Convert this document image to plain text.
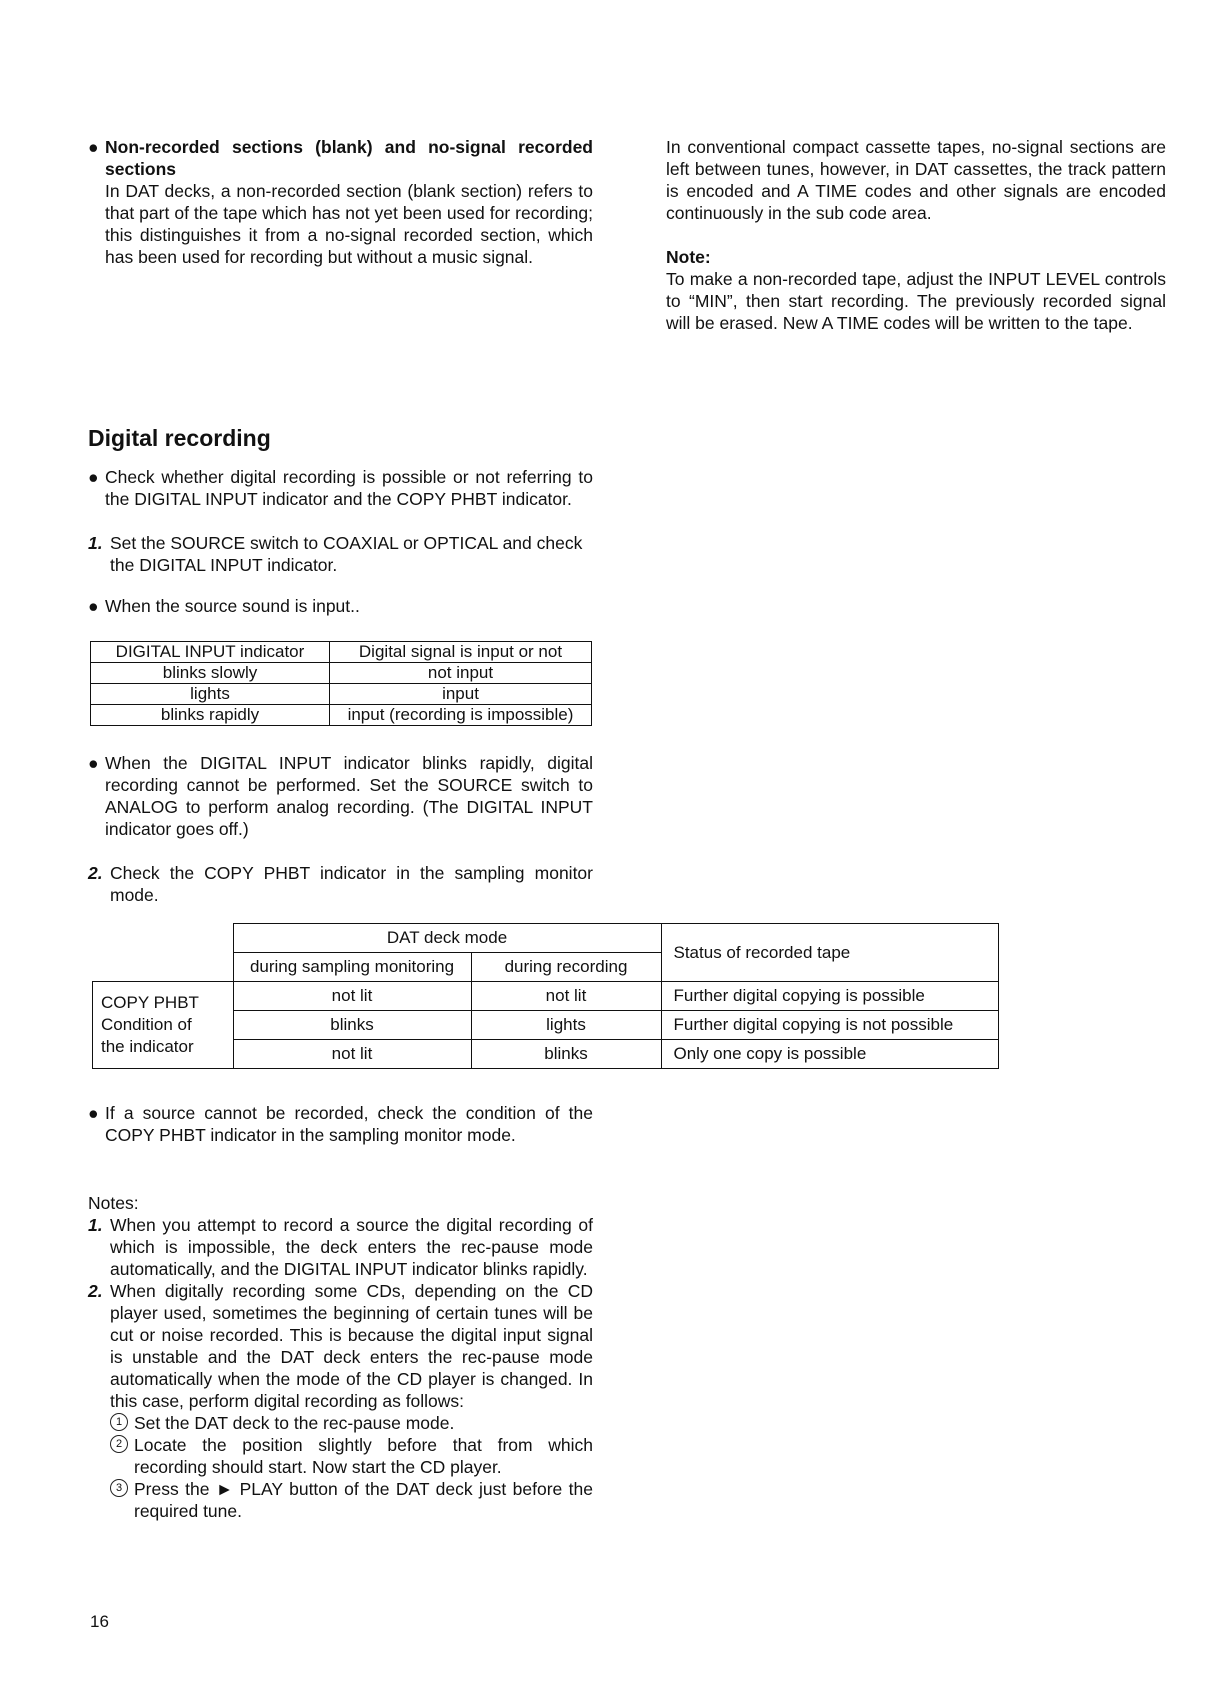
● Non-recorded sections (blank) and no-signal recorded sections

In DAT decks, a non-recorded section (blank section) refers to that part of the tape which has not yet been used for recording; this distinguishes it from a no-signal recorded section, which has been used for recording but without a music signal.

In conventional compact cassette tapes, no-signal sections are left between tunes, however, in DAT cassettes, the track pattern is encoded and A TIME codes and other signals are encoded continuously in the sub code area.

Note:

To make a non-recorded tape, adjust the INPUT LEVEL controls to “MIN”, then start recording. The previously recorded signal will be erased. New A TIME codes will be written to the tape.

Digital recording
● Check whether digital recording is possible or not referring to the DIGITAL INPUT indicator and the COPY PHBT indicator.

1. Set the SOURCE switch to COAXIAL or OPTICAL and check the DIGITAL INPUT indicator.

● When the source sound is input..

DIGITAL INPUT indicator	Digital signal is input or not
blinks slowly	not input
lights	input
blinks rapidly	input (recording is impossible)
● When the DIGITAL INPUT indicator blinks rapidly, digital recording cannot be performed. Set the SOURCE switch to ANALOG to perform analog recording. (The DIGITAL INPUT indicator goes off.)

2. Check the COPY PHBT indicator in the sampling monitor mode.

	DAT deck mode		Status of recorded tape
	during sampling monitoring	during recording	

COPY PHBT
Condition of
the indicator	not lit	not lit	Further digital copying is possible
	blinks	lights	Further digital copying is not possible
	not lit	blinks	Only one copy is possible
● If a source cannot be recorded, check the condition of the COPY PHBT indicator in the sampling monitor mode.

Notes:

1. When you attempt to record a source the digital recording of which is impossible, the deck enters the rec-pause mode automatically, and the DIGITAL INPUT indicator blinks rapidly.

2. When digitally recording some CDs, depending on the CD player used, sometimes the beginning of certain tunes will be cut or noise recorded. This is because the digital input signal is unstable and the DAT deck enters the rec-pause mode automatically when the mode of the CD player is changed. In this case, perform digital recording as follows:

1 Set the DAT deck to the rec-pause mode.

2 Locate the position slightly before that from which recording should start. Now start the CD player.

3 Press the ► PLAY button of the DAT deck just before the required tune.

16
